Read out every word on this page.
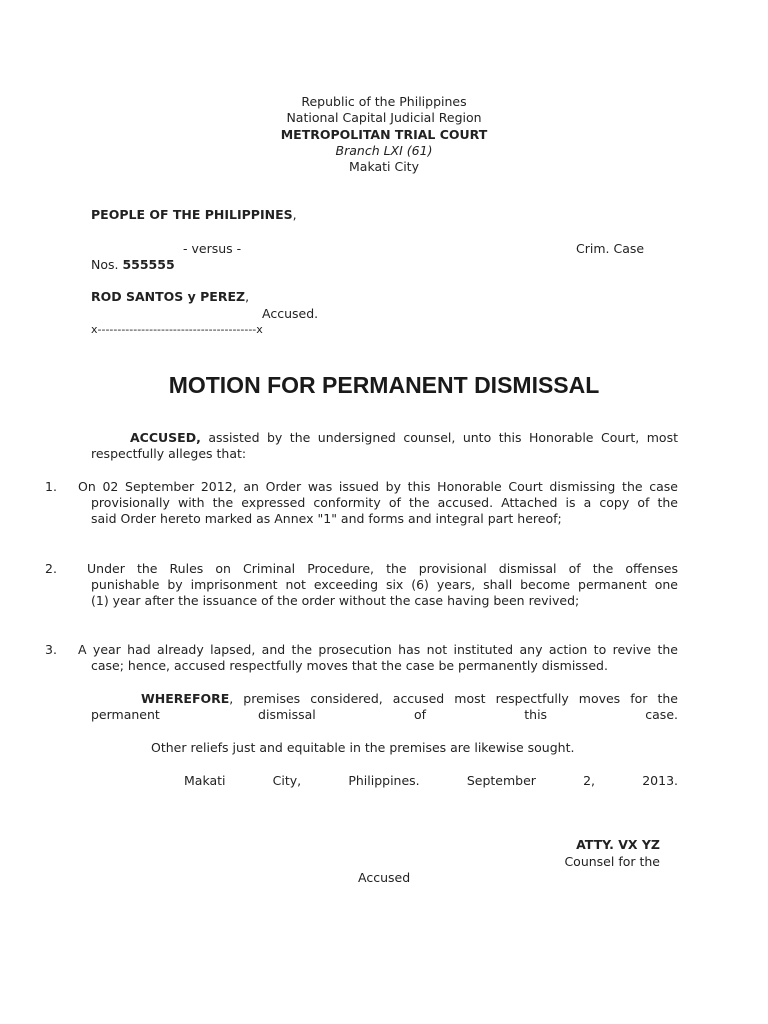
Republic of the Philippines
National Capital Judicial Region
METROPOLITAN TRIAL COURT
Branch LXI (61)
Makati City
PEOPLE OF THE PHILIPPINES,
- versus -	Crim. Case
Nos. 555555
ROD SANTOS y PEREZ,
Accused.
x----------------------------------------x
MOTION FOR PERMANENT DISMISSAL
ACCUSED, assisted by the undersigned counsel, unto this Honorable Court, most
respectfully alleges that:
1. On 02 September 2012, an Order was issued by this Honorable Court dismissing the case
provisionally with the expressed conformity of the accused. Attached is a copy of the
said Order hereto marked as Annex "1" and forms and integral part hereof;
2. Under the Rules on Criminal Procedure, the provisional dismissal of the offenses
punishable by imprisonment not exceeding six (6) years, shall become permanent one
(1) year after the issuance of the order without the case having been revived;
3. A year had already lapsed, and the prosecution has not instituted any action to revive the
case; hence, accused respectfully moves that the case be permanently dismissed.
WHEREFORE, premises considered, accused most respectfully moves for the
permanent dismissal of this case.
Other reliefs just and equitable in the premises are likewise sought.
Makati City, Philippines. September 2, 2013.
ATTY. VX YZ
Counsel for the
Accused
